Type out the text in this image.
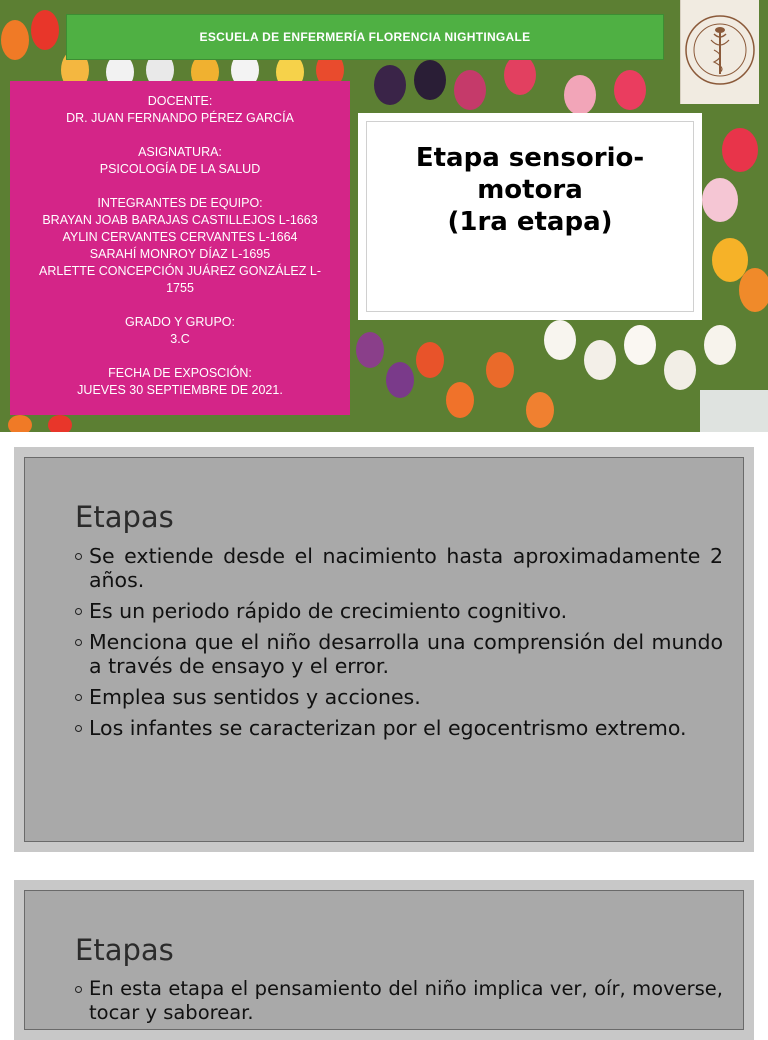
ESCUELA DE ENFERMERÍA FLORENCIA NIGHTINGALE
DOCENTE:
DR. JUAN FERNANDO PÉREZ GARCÍA
ASIGNATURA:
PSICOLOGÍA DE LA SALUD
INTEGRANTES DE EQUIPO:
BRAYAN JOAB BARAJAS CASTILLEJOS L-1663
AYLIN CERVANTES CERVANTES L-1664
SARAHÍ MONROY DÍAZ L-1695
ARLETTE CONCEPCIÓN JUÁREZ GONZÁLEZ L-
1755
GRADO Y GRUPO:
3.C
FECHA DE EXPOSCIÓN:
JUEVES 30 SEPTIEMBRE DE 2021.
Etapa sensorio-
motora
(1ra etapa)
Etapas
Se extiende desde el nacimiento hasta aproximadamente 2 años.
Es un periodo rápido de crecimiento cognitivo.
Menciona que el niño desarrolla una comprensión del mundo a través de ensayo y el error.
Emplea sus sentidos y acciones.
Los infantes se caracterizan por el egocentrismo extremo.
Etapas
En esta etapa el pensamiento del niño implica ver, oír, moverse, tocar y saborear.
